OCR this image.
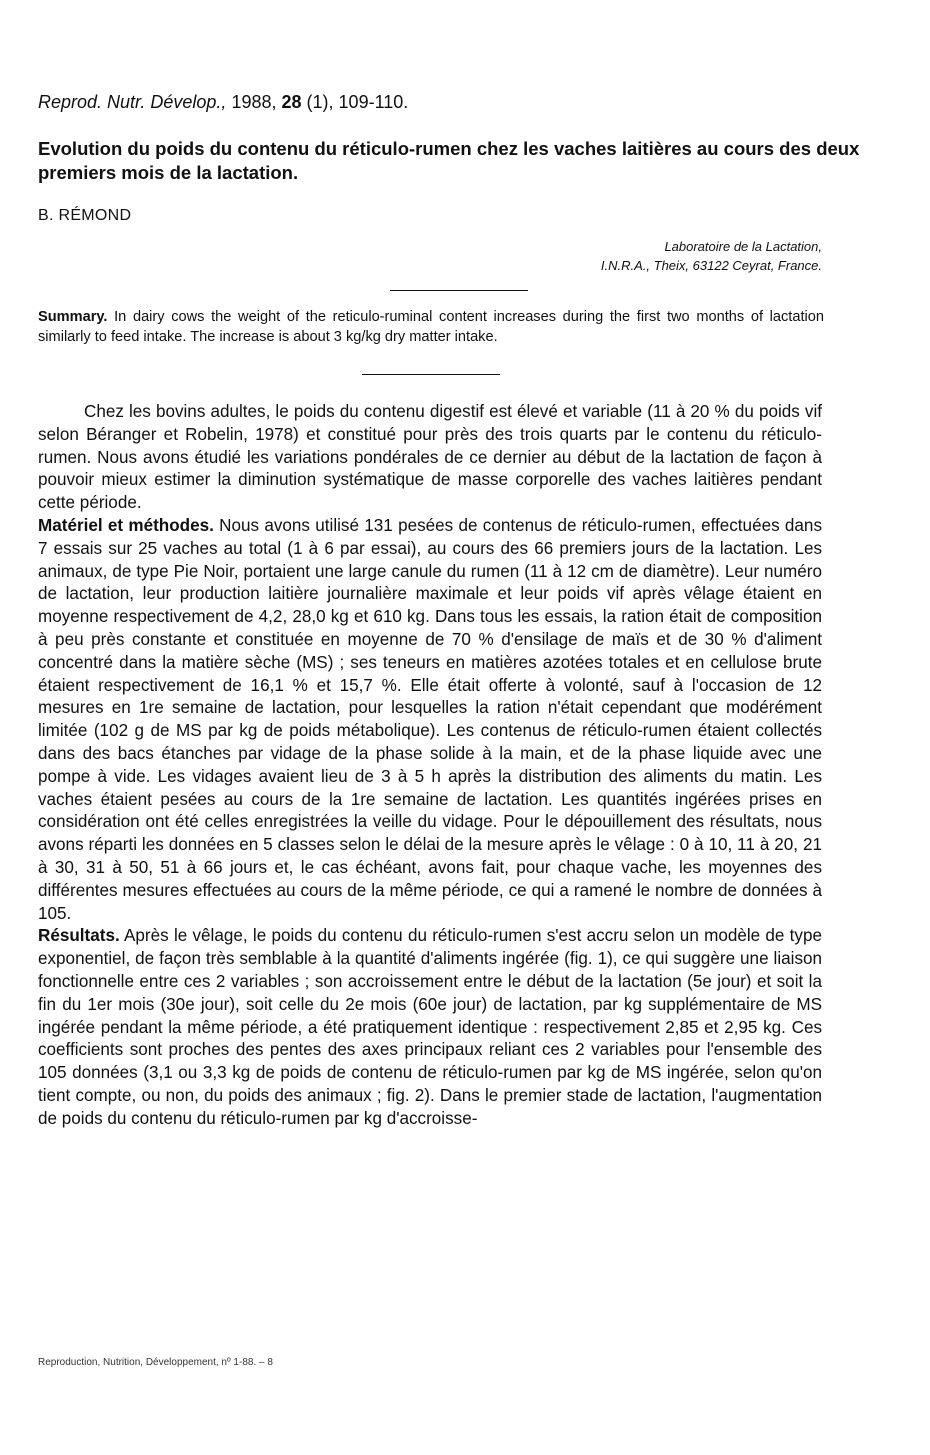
Reprod. Nutr. Dévelop., 1988, 28 (1), 109-110.
Evolution du poids du contenu du réticulo-rumen chez les vaches laitières au cours des deux premiers mois de la lactation.
B. RÉMOND
Laboratoire de la Lactation,
I.N.R.A., Theix, 63122 Ceyrat, France.

Summary. In dairy cows the weight of the reticulo-ruminal content increases during the first two months of lactation similarly to feed intake. The increase is about 3 kg/kg dry matter intake.

Chez les bovins adultes, le poids du contenu digestif est élevé et variable (11 à 20 % du poids vif selon Béranger et Robelin, 1978) et constitué pour près des trois quarts par le contenu du réticulo-rumen. Nous avons étudié les variations pondérales de ce dernier au début de la lactation de façon à pouvoir mieux estimer la diminution systématique de masse corporelle des vaches laitières pendant cette période.

Matériel et méthodes. Nous avons utilisé 131 pesées de contenus de réticulo-rumen, effectuées dans 7 essais sur 25 vaches au total (1 à 6 par essai), au cours des 66 premiers jours de la lactation. Les animaux, de type Pie Noir, portaient une large canule du rumen (11 à 12 cm de diamètre). Leur numéro de lactation, leur production laitière journalière maximale et leur poids vif après vêlage étaient en moyenne respectivement de 4,2, 28,0 kg et 610 kg. Dans tous les essais, la ration était de composition à peu près constante et constituée en moyenne de 70 % d'ensilage de maïs et de 30 % d'aliment concentré dans la matière sèche (MS) ; ses teneurs en matières azotées totales et en cellulose brute étaient respectivement de 16,1 % et 15,7 %. Elle était offerte à volonté, sauf à l'occasion de 12 mesures en 1re semaine de lactation, pour lesquelles la ration n'était cependant que modérément limitée (102 g de MS par kg de poids métabolique). Les contenus de réticulo-rumen étaient collectés dans des bacs étanches par vidage de la phase solide à la main, et de la phase liquide avec une pompe à vide. Les vidages avaient lieu de 3 à 5 h après la distribution des aliments du matin. Les vaches étaient pesées au cours de la 1re semaine de lactation. Les quantités ingérées prises en considération ont été celles enregistrées la veille du vidage. Pour le dépouillement des résultats, nous avons réparti les données en 5 classes selon le délai de la mesure après le vêlage : 0 à 10, 11 à 20, 21 à 30, 31 à 50, 51 à 66 jours et, le cas échéant, avons fait, pour chaque vache, les moyennes des différentes mesures effectuées au cours de la même période, ce qui a ramené le nombre de données à 105.

Résultats. Après le vêlage, le poids du contenu du réticulo-rumen s'est accru selon un modèle de type exponentiel, de façon très semblable à la quantité d'aliments ingérée (fig. 1), ce qui suggère une liaison fonctionnelle entre ces 2 variables ; son accroissement entre le début de la lactation (5e jour) et soit la fin du 1er mois (30e jour), soit celle du 2e mois (60e jour) de lactation, par kg supplémentaire de MS ingérée pendant la même période, a été pratiquement identique : respectivement 2,85 et 2,95 kg. Ces coefficients sont proches des pentes des axes principaux reliant ces 2 variables pour l'ensemble des 105 données (3,1 ou 3,3 kg de poids de contenu de réticulo-rumen par kg de MS ingérée, selon qu'on tient compte, ou non, du poids des animaux ; fig. 2). Dans le premier stade de lactation, l'augmentation de poids du contenu du réticulo-rumen par kg d'accroisse-

Reproduction, Nutrition, Développement, nº 1-88. – 8
